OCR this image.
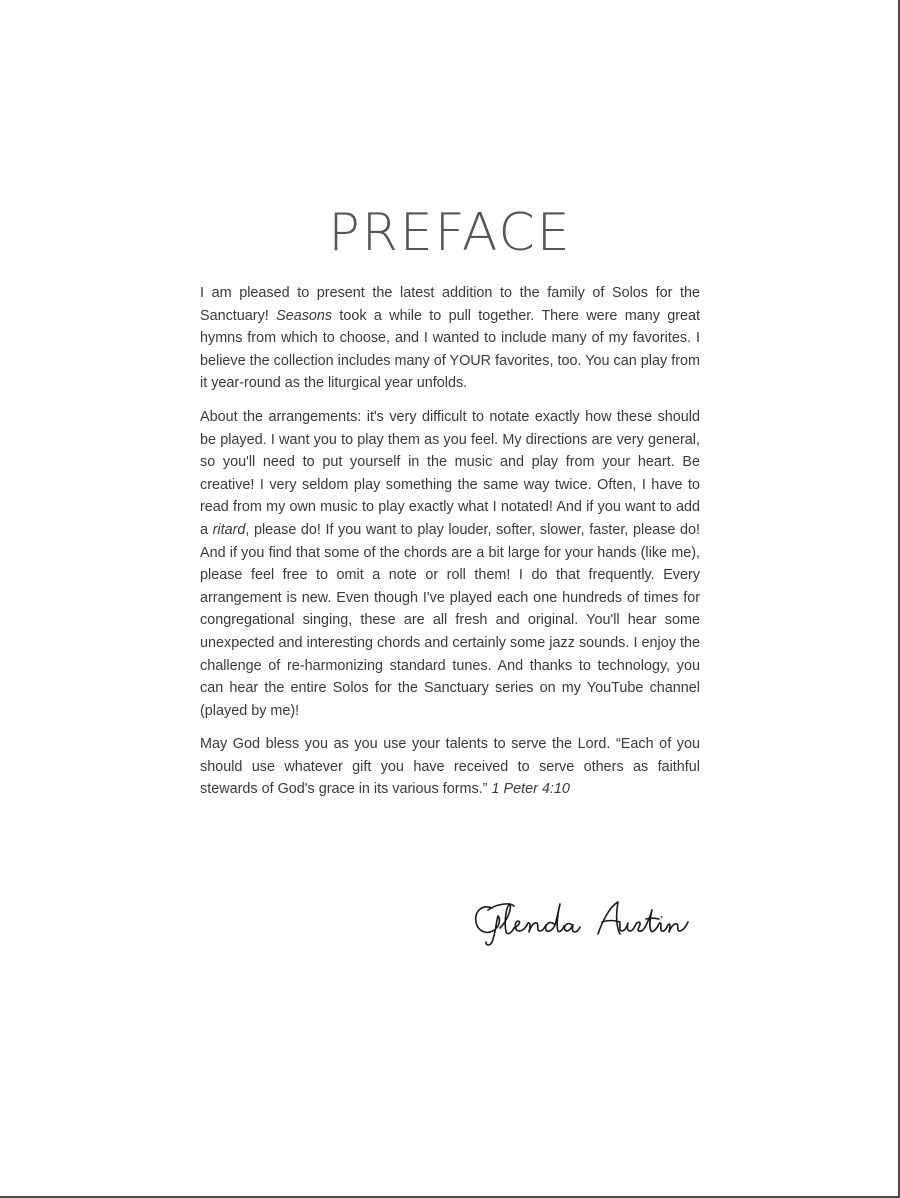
PREFACE

I am pleased to present the latest addition to the family of Solos for the Sanctuary! Seasons took a while to pull together. There were many great hymns from which to choose, and I wanted to include many of my favorites. I believe the collection includes many of YOUR favorites, too. You can play from it year-round as the liturgical year unfolds.

About the arrangements: it's very difficult to notate exactly how these should be played. I want you to play them as you feel. My directions are very general, so you'll need to put yourself in the music and play from your heart. Be creative! I very seldom play something the same way twice. Often, I have to read from my own music to play exactly what I notated! And if you want to add a ritard, please do! If you want to play louder, softer, slower, faster, please do! And if you find that some of the chords are a bit large for your hands (like me), please feel free to omit a note or roll them! I do that frequently. Every arrangement is new. Even though I've played each one hundreds of times for congregational singing, these are all fresh and original. You'll hear some unexpected and interesting chords and certainly some jazz sounds. I enjoy the challenge of re-harmonizing standard tunes. And thanks to technology, you can hear the entire Solos for the Sanctuary series on my YouTube channel (played by me)!

May God bless you as you use your talents to serve the Lord. “Each of you should use whatever gift you have received to serve others as faithful stewards of God's grace in its various forms.” 1 Peter 4:10
